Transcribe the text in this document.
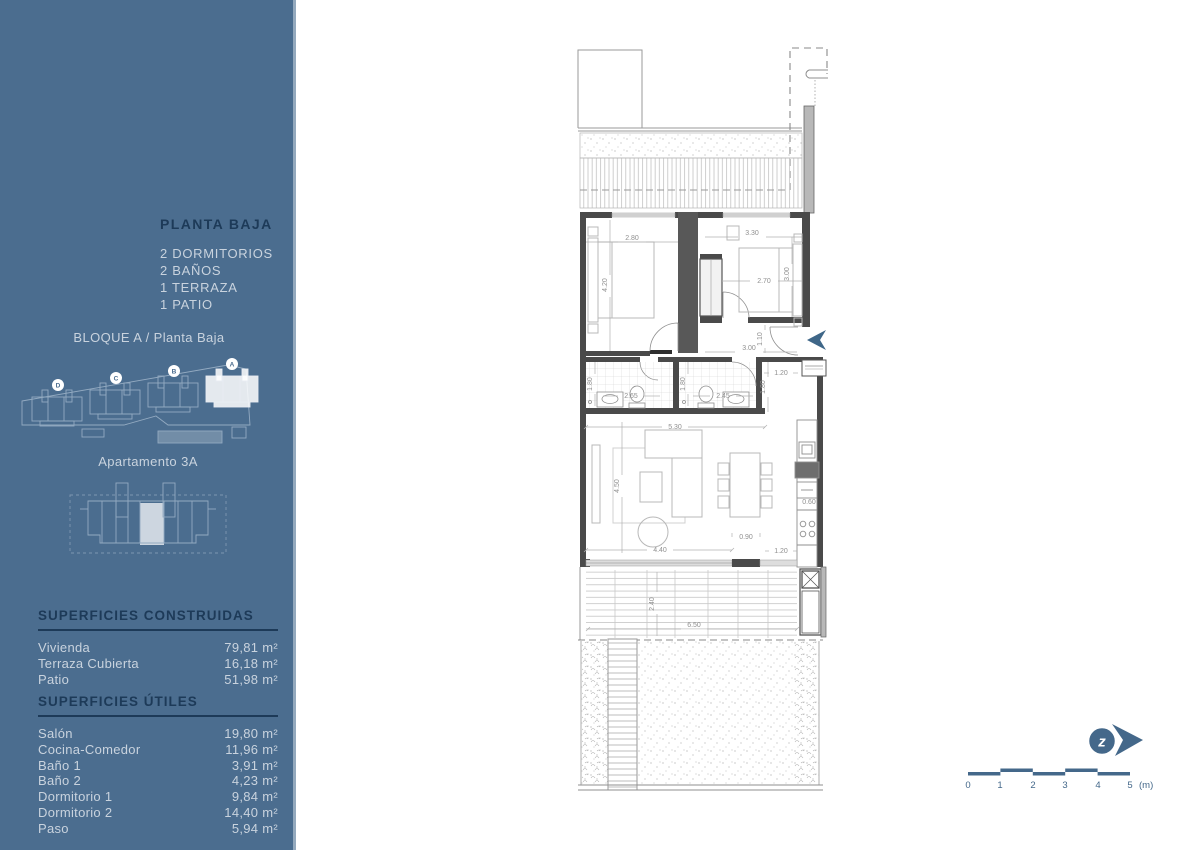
PLANTA BAJA
2 DORMITORIOS
2 BAÑOS
1 TERRAZA
1 PATIO
BLOQUE A / Planta Baja
D
C
B
A
Apartamento 3A
SUPERFICIES CONSTRUIDAS
Vivienda	79,81 m²
Terraza Cubierta	16,18 m²
Patio	51,98 m²
SUPERFICIES ÚTILES
Salón	19,80 m²
Cocina-Comedor	11,96 m²
Baño 1	3,91 m²
Baño 2	4,23 m²
Dormitorio 1	9,84 m²
Dormitorio 2	14,40 m²
Paso	5,94 m²
2.80
4.20
3.30
2.70
3.00
1.10
3.00
1.20
1.80
1.80
2.65
1.80
2.45
5.30
4.50
4.40
0.90
1.20
0.60
2.40
6.50
z
0	1	2	3	4	5 (m)
